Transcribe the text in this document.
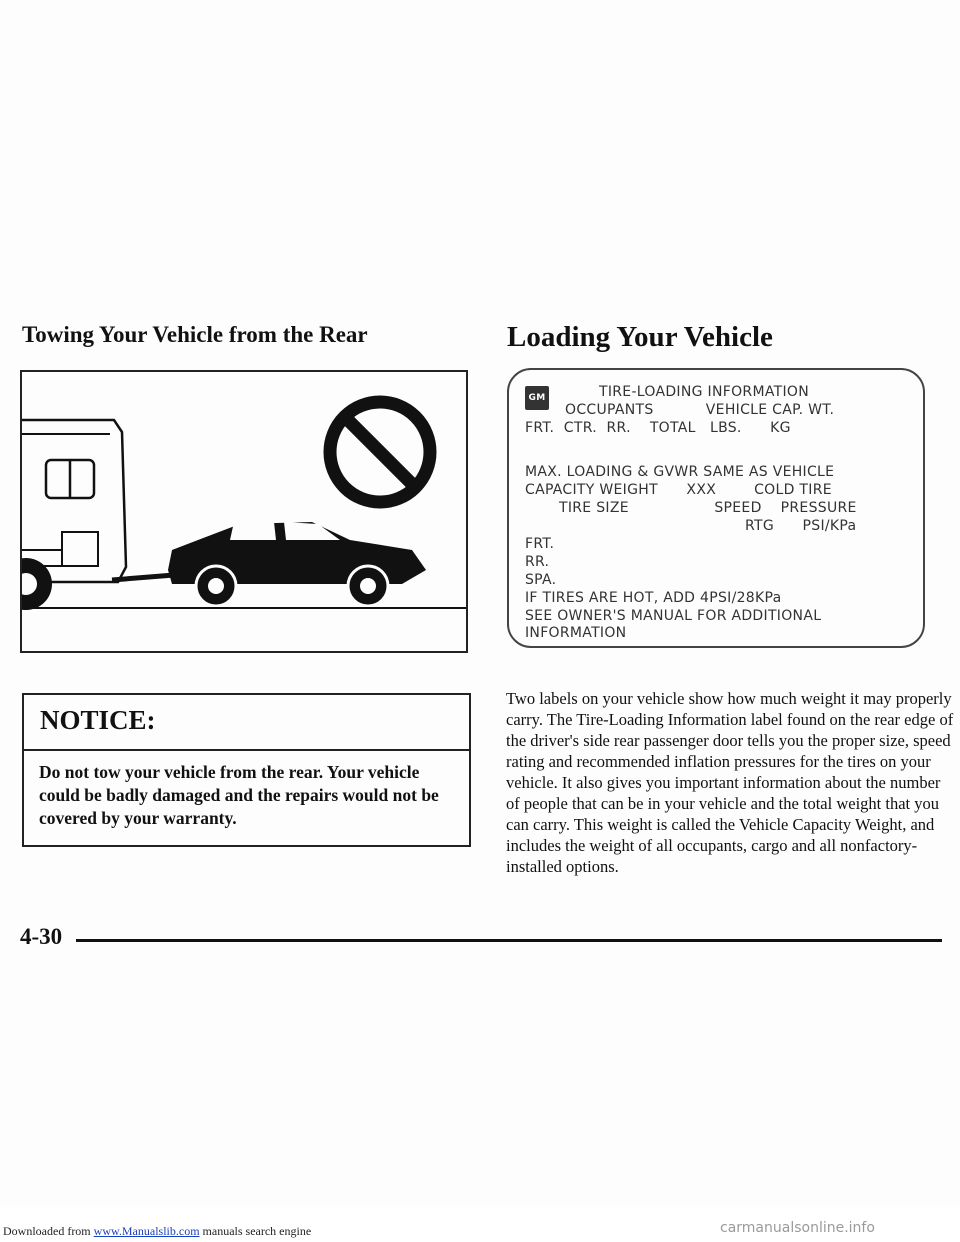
Towing Your Vehicle from the Rear	Loading Your Vehicle
NOTICE:
Do not tow your vehicle from the rear. Your vehicle could be badly damaged and the repairs would not be covered by your warranty.
GM	TIRE-LOADING INFORMATION
OCCUPANTS           VEHICLE CAP. WT.
FRT.  CTR.  RR.    TOTAL   LBS.      KG
MAX. LOADING & GVWR SAME AS VEHICLE
CAPACITY WEIGHT      XXX        COLD TIRE
TIRE SIZE                  SPEED    PRESSURE
RTG      PSI/KPa
FRT.
RR.
SPA.
IF TIRES ARE HOT, ADD 4PSI/28KPa
SEE OWNER'S MANUAL FOR ADDITIONAL
INFORMATION

Two labels on your vehicle show how much weight it may properly carry. The Tire-Loading Information label found on the rear edge of the driver's side rear passenger door tells you the proper size, speed rating and recommended inflation pressures for the tires on your vehicle. It also gives you important information about the number of people that can be in your vehicle and the total weight that you can carry. This weight is called the Vehicle Capacity Weight, and includes the weight of all occupants, cargo and all nonfactory-installed options.

4-30
Downloaded from www.Manualslib.com manuals search engine	carmanualsonline.info
